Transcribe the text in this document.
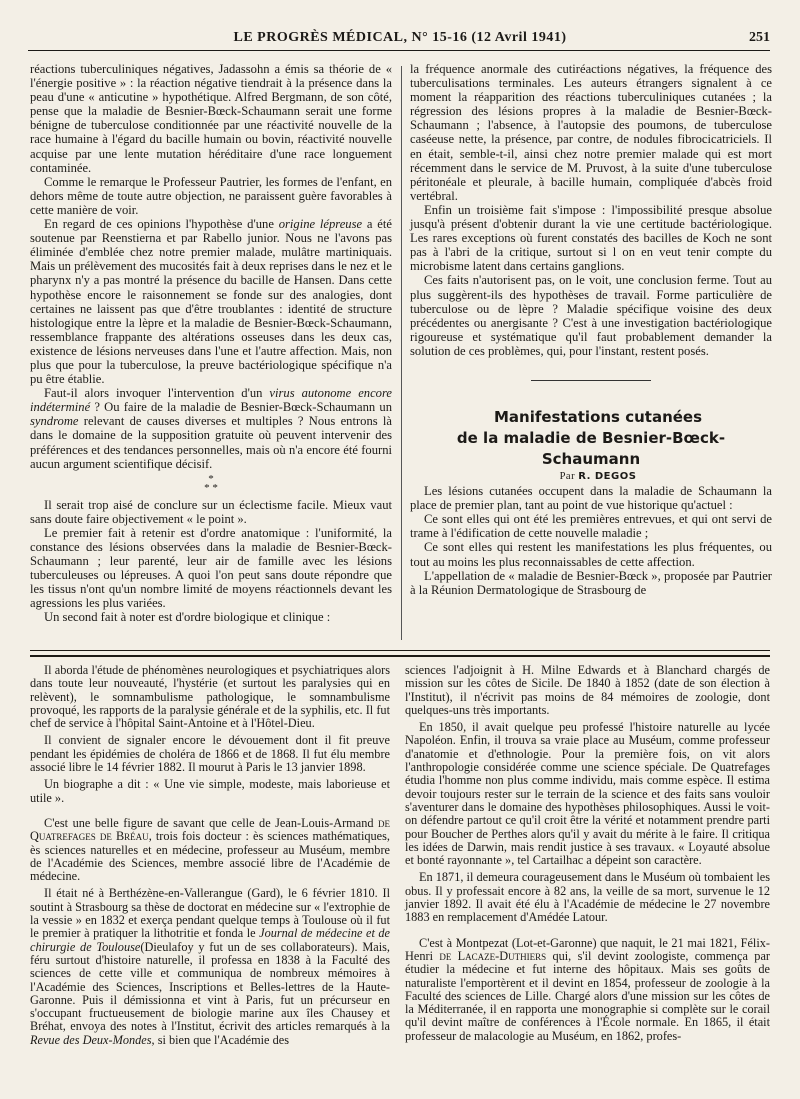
LE PROGRÈS MÉDICAL, N° 15-16 (12 Avril 1941)	251

réactions tuberculiniques négatives, Jadassohn a émis sa théorie de « l'énergie positive » : la réaction négative tiendrait à la présence dans la peau d'une « anticutine » hypothétique. Alfred Bergmann, de son côté, pense que la maladie de Besnier-Bœck-Schaumann serait une forme bénigne de tuberculose conditionnée par une réactivité nouvelle de la race humaine à l'égard du bacille humain ou bovin, réactivité nouvelle acquise par une lente mutation héréditaire d'une race longuement contaminée.

Comme le remarque le Professeur Pautrier, les formes de l'enfant, en dehors même de toute autre objection, ne paraissent guère favorables à cette manière de voir.

En regard de ces opinions l'hypothèse d'une origine lépreuse a été soutenue par Reenstierna et par Rabello junior. Nous ne l'avons pas éliminée d'emblée chez notre premier malade, mulâtre martiniquais. Mais un prélèvement des mucosités fait à deux reprises dans le nez et le pharynx n'y a pas montré la présence du bacille de Hansen. Dans cette hypothèse encore le raisonnement se fonde sur des analogies, dont certaines ne laissent pas que d'être troublantes : identité de structure histologique entre la lèpre et la maladie de Besnier-Bœck-Schaumann, ressemblance frappante des altérations osseuses dans les deux cas, existence de lésions nerveuses dans l'une et l'autre affection. Mais, non plus que pour la tuberculose, la preuve bactériologique spécifique n'a pu être établie.

Faut-il alors invoquer l'intervention d'un virus autonome encore indéterminé ? Ou faire de la maladie de Besnier-Bœck-Schaumann un syndrome relevant de causes diverses et multiples ? Nous entrons là dans le domaine de la supposition gratuite où peuvent intervenir des préférences et des tendances personnelles, mais où n'a encore été fourni aucun argument scientifique décisif.

*
* *

Il serait trop aisé de conclure sur un éclectisme facile. Mieux vaut sans doute faire objectivement « le point ».

Le premier fait à retenir est d'ordre anatomique : l'uniformité, la constance des lésions observées dans la maladie de Besnier-Bœck-Schaumann ; leur parenté, leur air de famille avec les lésions tuberculeuses ou lépreuses. A quoi l'on peut sans doute répondre que les tissus n'ont qu'un nombre limité de moyens réactionnels devant les agressions les plus variées.

Un second fait à noter est d'ordre biologique et clinique :

la fréquence anormale des cutiréactions négatives, la fréquence des tuberculisations terminales. Les auteurs étrangers signalent à ce moment la réapparition des réactions tuberculiniques cutanées ; la régression des lésions propres à la maladie de Besnier-Bœck-Schaumann ; l'absence, à l'autopsie des poumons, de tuberculose caséeuse nette, la présence, par contre, de nodules fibrocicatriciels. Il en était, semble-t-il, ainsi chez notre premier malade qui est mort récemment dans le service de M. Pruvost, à la suite d'une tuberculose péritonéale et pleurale, à bacille humain, compliquée d'abcès froid vertébral.

Enfin un troisième fait s'impose : l'impossibilité presque absolue jusqu'à présent d'obtenir durant la vie une certitude bactériologique. Les rares exceptions où furent constatés des bacilles de Koch ne sont pas à l'abri de la critique, surtout si l on en veut tenir compte du microbisme latent dans certains ganglions.

Ces faits n'autorisent pas, on le voit, une conclusion ferme. Tout au plus suggèrent-ils des hypothèses de travail. Forme particulière de tuberculose ou de lèpre ? Maladie spécifique voisine des deux précédentes ou anergisante ? C'est à une investigation bactériologique rigoureuse et systématique qu'il faut probablement demander la solution de ces problèmes, qui, pour l'instant, restent posés.

Manifestations cutanées
de la maladie de Besnier-Bœck-Schaumann

Par R. DEGOS

Les lésions cutanées occupent dans la maladie de Schaumann la place de premier plan, tant au point de vue historique qu'actuel :

Ce sont elles qui ont été les premières entrevues, et qui ont servi de trame à l'édification de cette nouvelle maladie ;

Ce sont elles qui restent les manifestations les plus fréquentes, ou tout au moins les plus reconnaissables de cette affection.

L'appellation de « maladie de Besnier-Bœck », proposée par Pautrier à la Réunion Dermatologique de Strasbourg de

Il aborda l'étude de phénomènes neurologiques et psychiatriques alors dans toute leur nouveauté, l'hystérie (et surtout les paralysies qui en relèvent), le somnambulisme pathologique, le somnambulisme provoqué, les rapports de la paralysie générale et de la syphilis, etc. Il fut chef de service à l'hôpital Saint-Antoine et à l'Hôtel-Dieu.

Il convient de signaler encore le dévouement dont il fit preuve pendant les épidémies de choléra de 1866 et de 1868. Il fut élu membre associé libre le 14 février 1882. Il mourut à Paris le 13 janvier 1898.

Un biographe a dit : « Une vie simple, modeste, mais laborieuse et utile ».

C'est une belle figure de savant que celle de Jean-Louis-Armand de Quatrefages de Bréau, trois fois docteur : ès sciences mathématiques, ès sciences naturelles et en médecine, professeur au Muséum, membre de l'Académie des Sciences, membre associé libre de l'Académie de médecine.

Il était né à Berthézène-en-Vallerangue (Gard), le 6 février 1810. Il soutint à Strasbourg sa thèse de doctorat en médecine sur « l'extrophie de la vessie » en 1832 et exerça pendant quelque temps à Toulouse où il fut le premier à pratiquer la lithotritie et fonda le Journal de médecine et de chirurgie de Toulouse(Dieulafoy y fut un de ses collaborateurs). Mais, féru surtout d'histoire naturelle, il professa en 1838 à la Faculté des sciences de cette ville et communiqua de nombreux mémoires à l'Académie des Sciences, Inscriptions et Belles-lettres de la Haute-Garonne. Puis il démissionna et vint à Paris, fut un précurseur en s'occupant fructueusement de biologie marine aux îles Chausey et Bréhat, envoya des notes à l'Institut, écrivit des articles remarqués à la Revue des Deux-Mondes, si bien que l'Académie des

sciences l'adjoignit à H. Milne Edwards et à Blanchard chargés de mission sur les côtes de Sicile. De 1840 à 1852 (date de son élection à l'Institut), il n'écrivit pas moins de 84 mémoires de zoologie, dont quelques-uns très importants.

En 1850, il avait quelque peu professé l'histoire naturelle au lycée Napoléon. Enfin, il trouva sa vraie place au Muséum, comme professeur d'anatomie et d'ethnologie. Pour la première fois, on vit alors l'anthropologie considérée comme une science spéciale. De Quatrefages étudia l'homme non plus comme individu, mais comme espèce. Il estima devoir toujours rester sur le terrain de la science et des faits sans vouloir s'aventurer dans le domaine des hypothèses philosophiques. Aussi le voit-on défendre partout ce qu'il croit être la vérité et notamment prendre parti pour Boucher de Perthes alors qu'il y avait du mérite à le faire. Il critiqua les idées de Darwin, mais rendit justice à ses travaux. « Loyauté absolue et bonté rayonnante », tel Cartailhac a dépeint son caractère.

En 1871, il demeura courageusement dans le Muséum où tombaient les obus. Il y professait encore à 82 ans, la veille de sa mort, survenue le 12 janvier 1892. Il avait été élu à l'Académie de médecine le 27 novembre 1883 en remplacement d'Amédée Latour.

C'est à Montpezat (Lot-et-Garonne) que naquit, le 21 mai 1821, Félix-Henri de Lacaze-Duthiers qui, s'il devint zoologiste, commença par étudier la médecine et fut interne des hôpitaux. Mais ses goûts de naturaliste l'emportèrent et il devint en 1854, professeur de zoologie à la Faculté des sciences de Lille. Chargé alors d'une mission sur les côtes de la Méditerranée, il en rapporta une monographie si complète sur le corail qu'il devint maître de conférences à l'École normale. En 1865, il était professeur de malacologie au Muséum, en 1862, profes-
